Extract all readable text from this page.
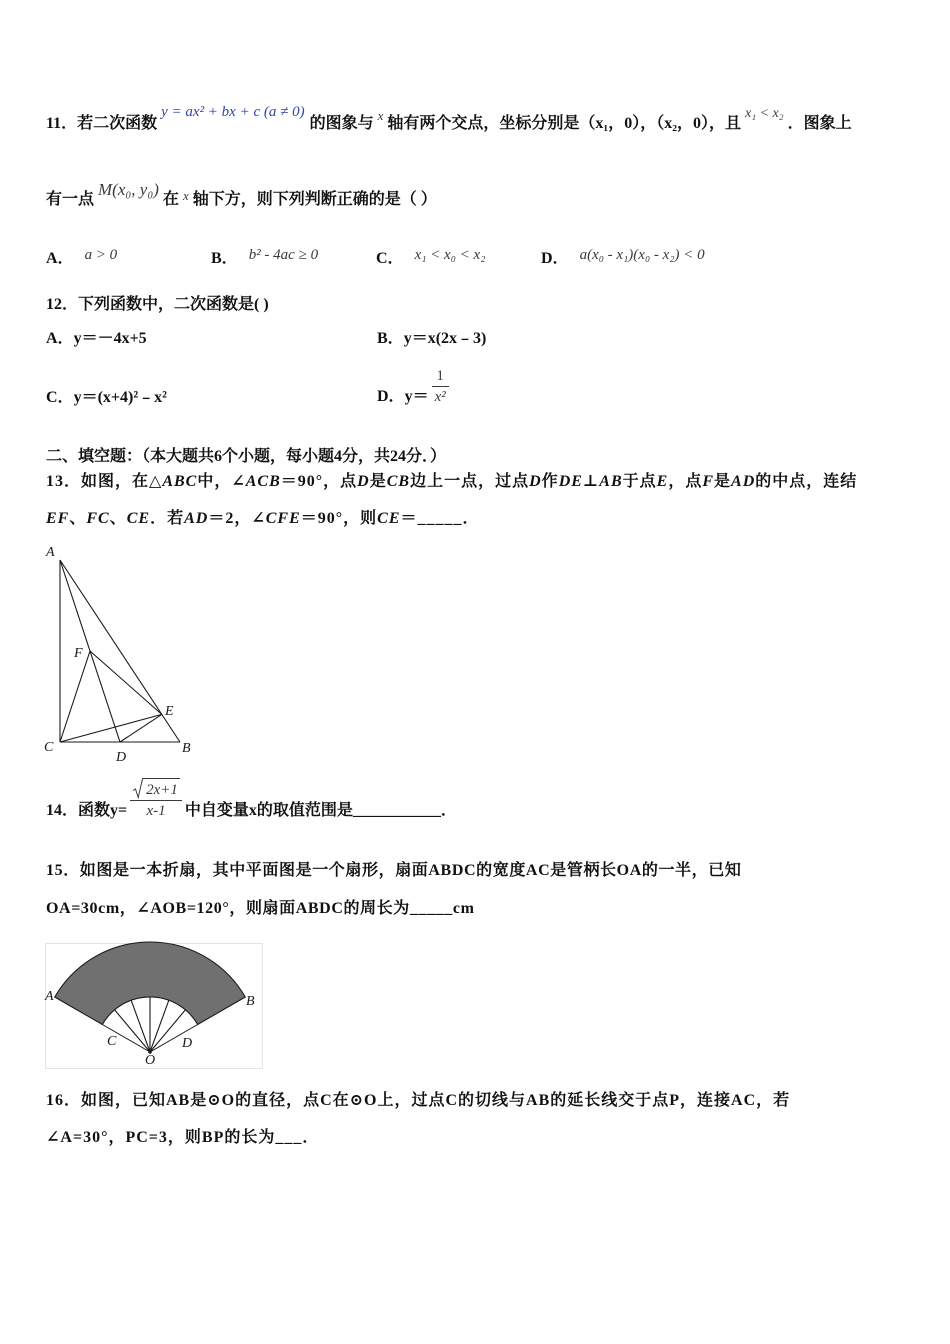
11．若二次函数y = ax² + bx + c (a ≠ 0)的图象与 $^x$ 轴有两个交点，坐标分别是（x₁，0），（x₂，0），且x₁ < x₂．图象上
有一点M(x₀, y₀)在 $^x$ 轴下方，则下列判断正确的是（ ）
A． a > 0	B． b² - 4ac ≥ 0	C． x₁ < x₀ < x₂	D． a(x₀ - x₁)(x₀ - x₂) < 0
12．下列函数中，二次函数是( )
A．y＝－4x+5	B．y＝x(2x﹣3)
C．y＝(x+4)²﹣x²	D． $y= \frac{1}{\text{x²}}$
二、填空题：（本大题共6个小题，每小题4分，共24分．）
13．如图，在△ABC中，∠ACB＝90°，点D是CB边上一点，过点D作DE⊥AB于点E，点F是AD的中点，连结
EF、FC、CE．若AD＝2，∠CFE＝90°，则CE＝_____．
A
F
E
C
D
B
14．函数$y= \frac{2x+1}{x-1}$ 中自变量x的取值范围是___________．
15．如图是一本折扇，其中平面图是一个扇形，扇面ABDC的宽度AC是管柄长OA的一半，已知
OA=30cm，∠AOB=120°，则扇面ABDC的周长为_____cm
A	B
C	D
O
16．如图，已知AB是⊙O的直径，点C在⊙O上，过点C的切线与AB的延长线交于点P，连接AC，若
∠A=30°，PC=3，则BP的长为___．
